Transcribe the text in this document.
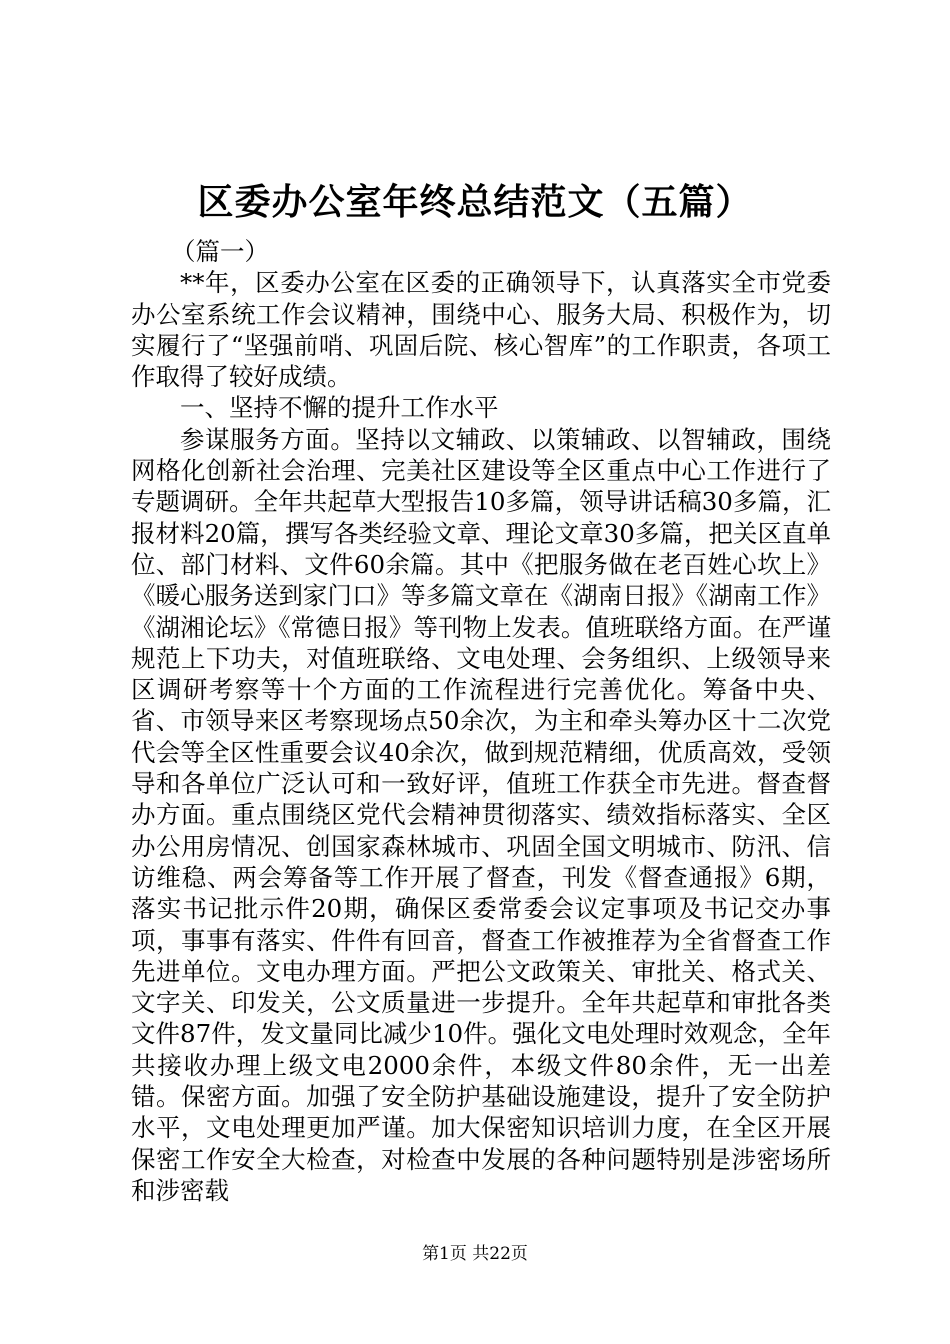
区委办公室年终总结范文（五篇）

（篇一）

**年，区委办公室在区委的正确领导下，认真落实全市党委办公室系统工作会议精神，围绕中心、服务大局、积极作为，切实履行了“坚强前哨、巩固后院、核心智库”的工作职责，各项工作取得了较好成绩。

一、坚持不懈的提升工作水平

参谋服务方面。坚持以文辅政、以策辅政、以智辅政，围绕网格化创新社会治理、完美社区建设等全区重点中心工作进行了专题调研。全年共起草大型报告10多篇，领导讲话稿30多篇，汇报材料20篇，撰写各类经验文章、理论文章30多篇，把关区直单位、部门材料、文件60余篇。其中《把服务做在老百姓心坎上》《暖心服务送到家门口》等多篇文章在《湖南日报》《湖南工作》《湖湘论坛》《常德日报》等刊物上发表。值班联络方面。在严谨规范上下功夫，对值班联络、文电处理、会务组织、上级领导来区调研考察等十个方面的工作流程进行完善优化。筹备中央、省、市领导来区考察现场点50余次，为主和牵头筹办区十二次党代会等全区性重要会议40余次，做到规范精细，优质高效，受领导和各单位广泛认可和一致好评，值班工作获全市先进。督查督办方面。重点围绕区党代会精神贯彻落实、绩效指标落实、全区办公用房情况、创国家森林城市、巩固全国文明城市、防汛、信访维稳、两会筹备等工作开展了督查，刊发《督查通报》6期，落实书记批示件20期，确保区委常委会议定事项及书记交办事项，事事有落实、件件有回音，督查工作被推荐为全省督查工作先进单位。文电办理方面。严把公文政策关、审批关、格式关、文字关、印发关，公文质量进一步提升。全年共起草和审批各类文件87件，发文量同比减少10件。强化文电处理时效观念，全年共接收办理上级文电2000余件，本级文件80余件，无一出差错。保密方面。加强了安全防护基础设施建设，提升了安全防护水平，文电处理更加严谨。加大保密知识培训力度，在全区开展保密工作安全大检查，对检查中发展的各种问题特别是涉密场所和涉密载

第1页 共22页
